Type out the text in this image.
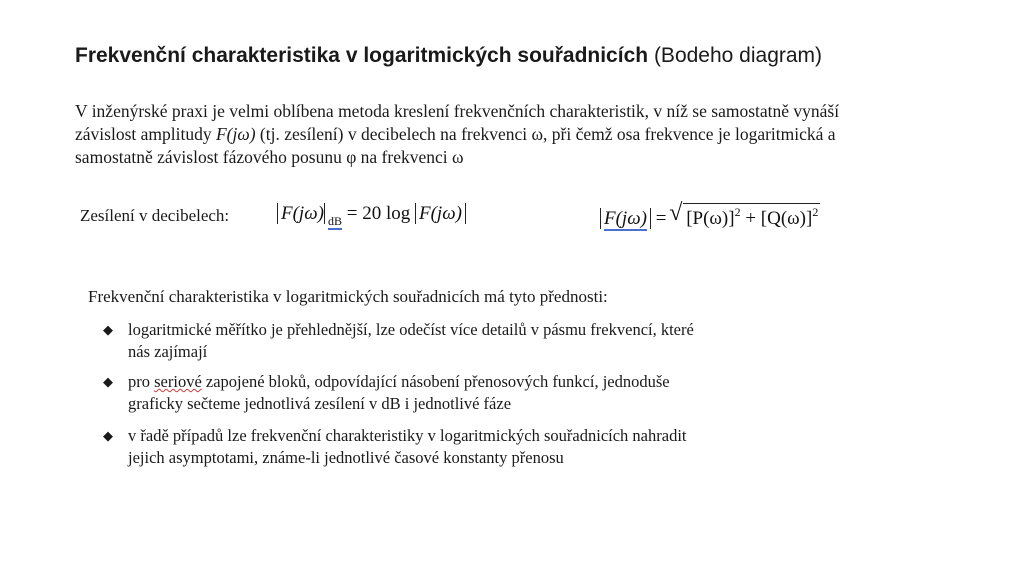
Frekvenční charakteristika v logaritmických souřadnicích (Bodeho diagram)

V inženýrské praxi je velmi oblíbena metoda kreslení frekvenčních charakteristik, v níž se samostatně vynáší
závislost amplitudy F(jω) (tj. zesílení) v decibelech na frekvenci ω, při čemž osa frekvence je logaritmická a
samostatně závislost fázového posunu φ na frekvenci ω

Zesílení v decibelech:	F(jω) $_{dB}$ = 20 log F(jω)	F(jω) =
√ $[P(\omega)]^2 + [Q(\omega)]^2$

Frekvenční charakteristika v logaritmických souřadnicích má tyto přednosti:

◆ logaritmické měřítko je přehlednější, lze odečíst více detailů v pásmu frekvencí, které
nás zajímají
◆ pro seriové zapojené bloků, odpovídající násobení přenosových funkcí, jednoduše
graficky sečteme jednotlivá zesílení v dB i jednotlivé fáze
◆ v řadě případů lze frekvenční charakteristiky v logaritmických souřadnicích nahradit
jejich asymptotami, známe-li jednotlivé časové konstanty přenosu
